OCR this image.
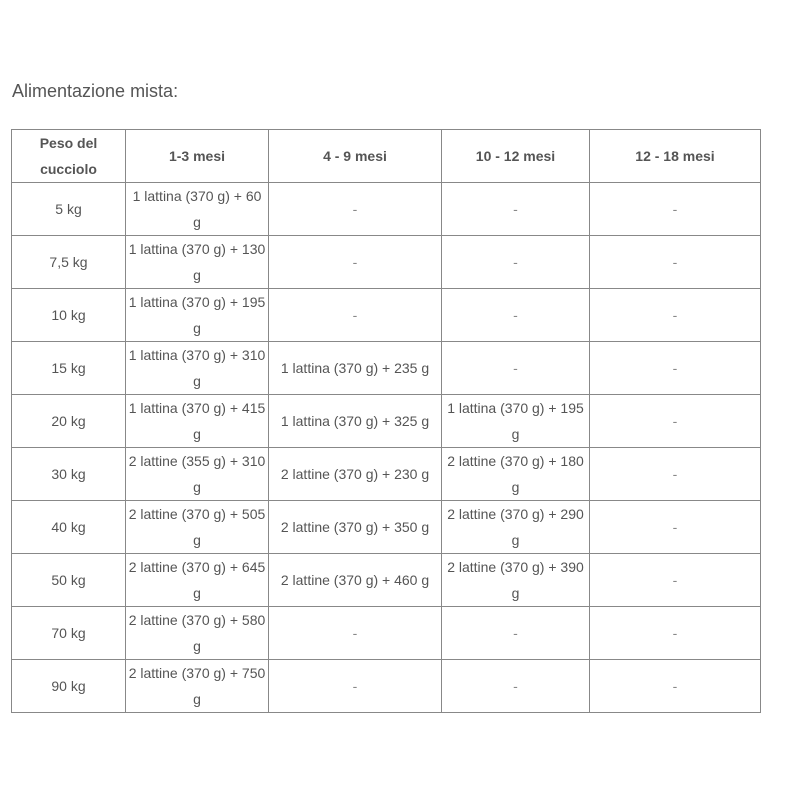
Alimentazione mista:
Peso del cucciolo	1-3 mesi	4 - 9 mesi	10 - 12 mesi	12 - 18 mesi
5 kg	1 lattina (370 g) + 60 g	-	-	-
7,5 kg	1 lattina (370 g) + 130 g	-	-	-
10 kg	1 lattina (370 g) + 195 g	-	-	-
15 kg	1 lattina (370 g) + 310 g	1 lattina (370 g) + 235 g	-	-
20 kg	1 lattina (370 g) + 415 g	1 lattina (370 g) + 325 g	1 lattina (370 g) + 195 g	-
30 kg	2 lattine (355 g) + 310 g	2 lattine (370 g) + 230 g	2 lattine (370 g) + 180 g	-
40 kg	2 lattine (370 g) + 505 g	2 lattine (370 g) + 350 g	2 lattine (370 g) + 290 g	-
50 kg	2 lattine (370 g) + 645 g	2 lattine (370 g) + 460 g	2 lattine (370 g) + 390 g	-
70 kg	2 lattine (370 g) + 580 g	-	-	-
90 kg	2 lattine (370 g) + 750 g	-	-	-
